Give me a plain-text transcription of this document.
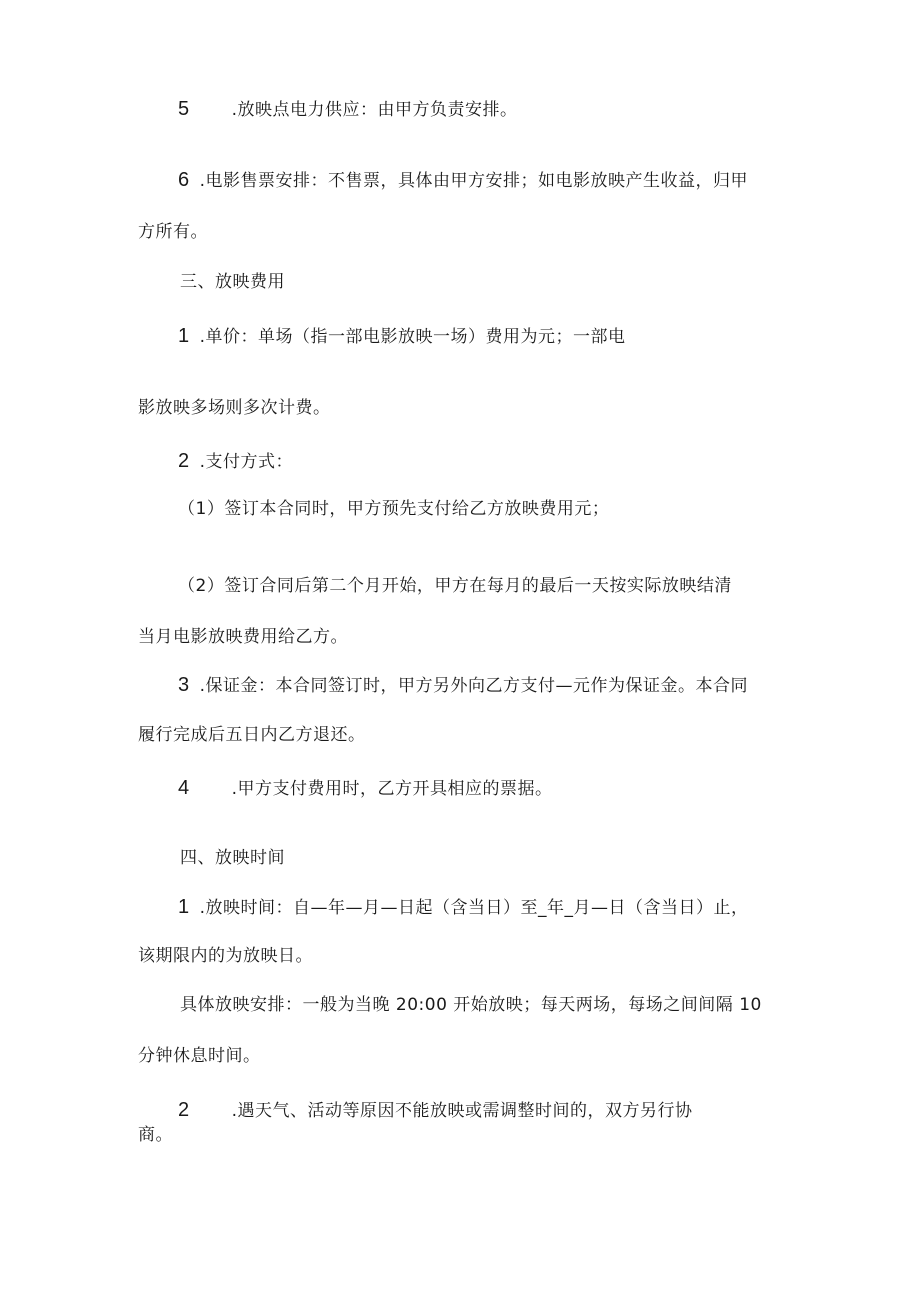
5 .放映点电力供应：由甲方负责安排。
6 .电影售票安排：不售票，具体由甲方安排；如电影放映产生收益，归甲
方所有。
三、放映费用
1 .单价：单场（指一部电影放映一场）费用为元；一部电
影放映多场则多次计费。
2 .支付方式：
（1）签订本合同时，甲方预先支付给乙方放映费用元；
（2）签订合同后第二个月开始，甲方在每月的最后一天按实际放映结清
当月电影放映费用给乙方。
3 .保证金：本合同签订时，甲方另外向乙方支付—元作为保证金。本合同
履行完成后五日内乙方退还。
4 .甲方支付费用时，乙方开具相应的票据。
四、放映时间
1 .放映时间：自—年—月—日起（含当日）至_年_月—日（含当日）止，
该期限内的为放映日。
具体放映安排：一般为当晚 20:00 开始放映；每天两场，每场之间间隔 10
分钟休息时间。
2 .遇天气、活动等原因不能放映或需调整时间的，双方另行协
商。
